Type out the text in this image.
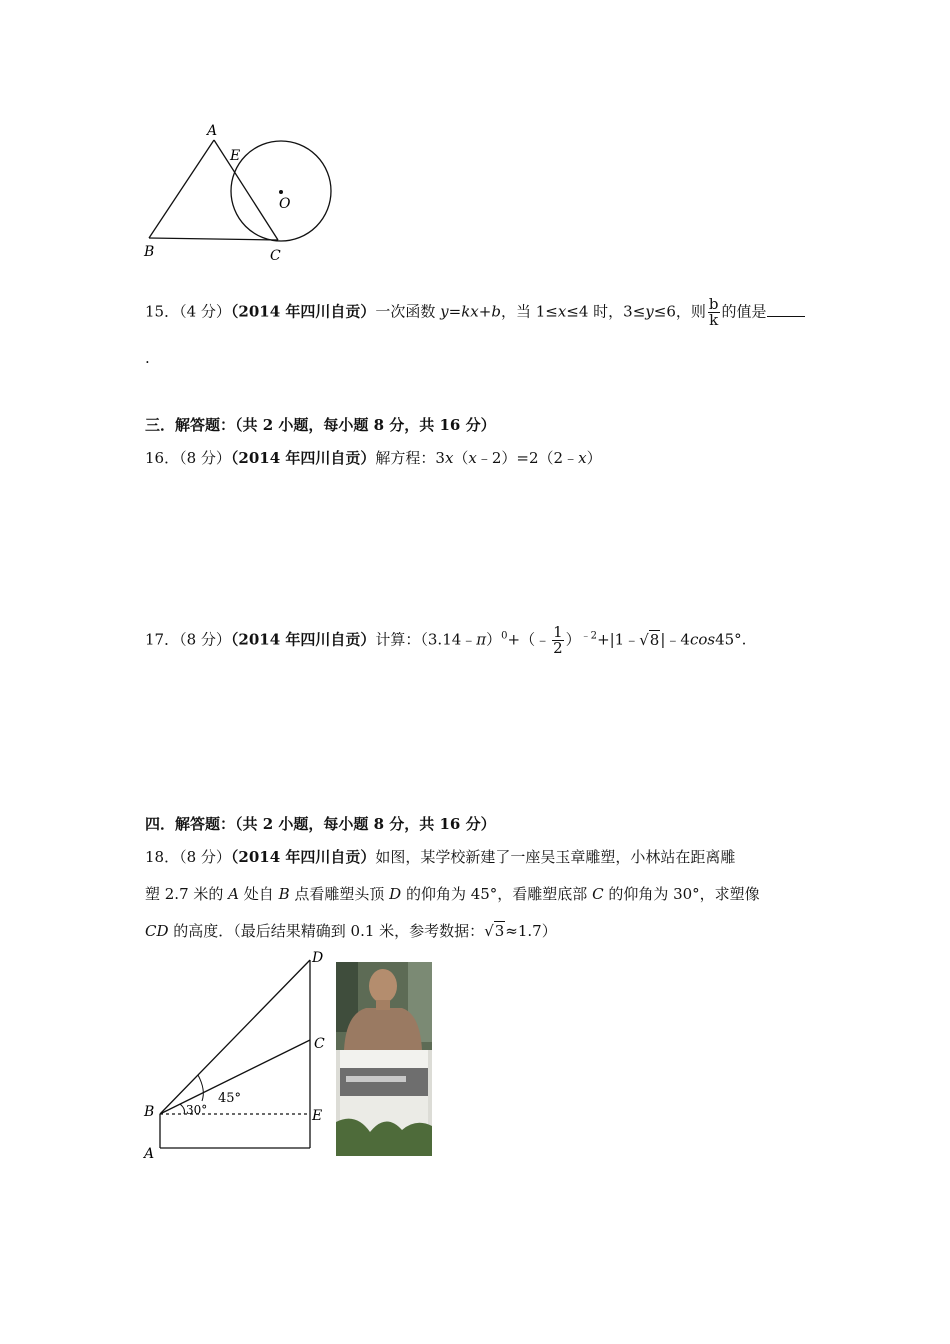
A
E
O
B	C
15．（4 分）（2014 年四川自贡）一次函数 y=kx+b，当 1≤x≤4 时，3≤y≤6，则 $\frac{b}{k}$ 的值是
.
三．解答题：（共 2 小题，每小题 8 分，共 16 分）
16．（8 分）（2014 年四川自贡）解方程：3x（x﹣2）=2（2﹣x）
17．（8 分）（2014 年四川自贡）计算：（3.14﹣π）$^0$+（﹣ $\frac{1}{2}$ ）$^{﹣2}$+|1﹣√8|﹣4cos45°.
四．解答题：（共 2 小题，每小题 8 分，共 16 分）
18．（8 分）（2014 年四川自贡）如图，某学校新建了一座吴玉章雕塑，小林站在距离雕
塑 2.7 米的 A 处自 B 点看雕塑头顶 D 的仰角为 45°，看雕塑底部 C 的仰角为 30°，求塑像
CD 的高度．（最后结果精确到 0.1 米，参考数据：√3≈1.7）
D
C
B	E
A
45°
30°
